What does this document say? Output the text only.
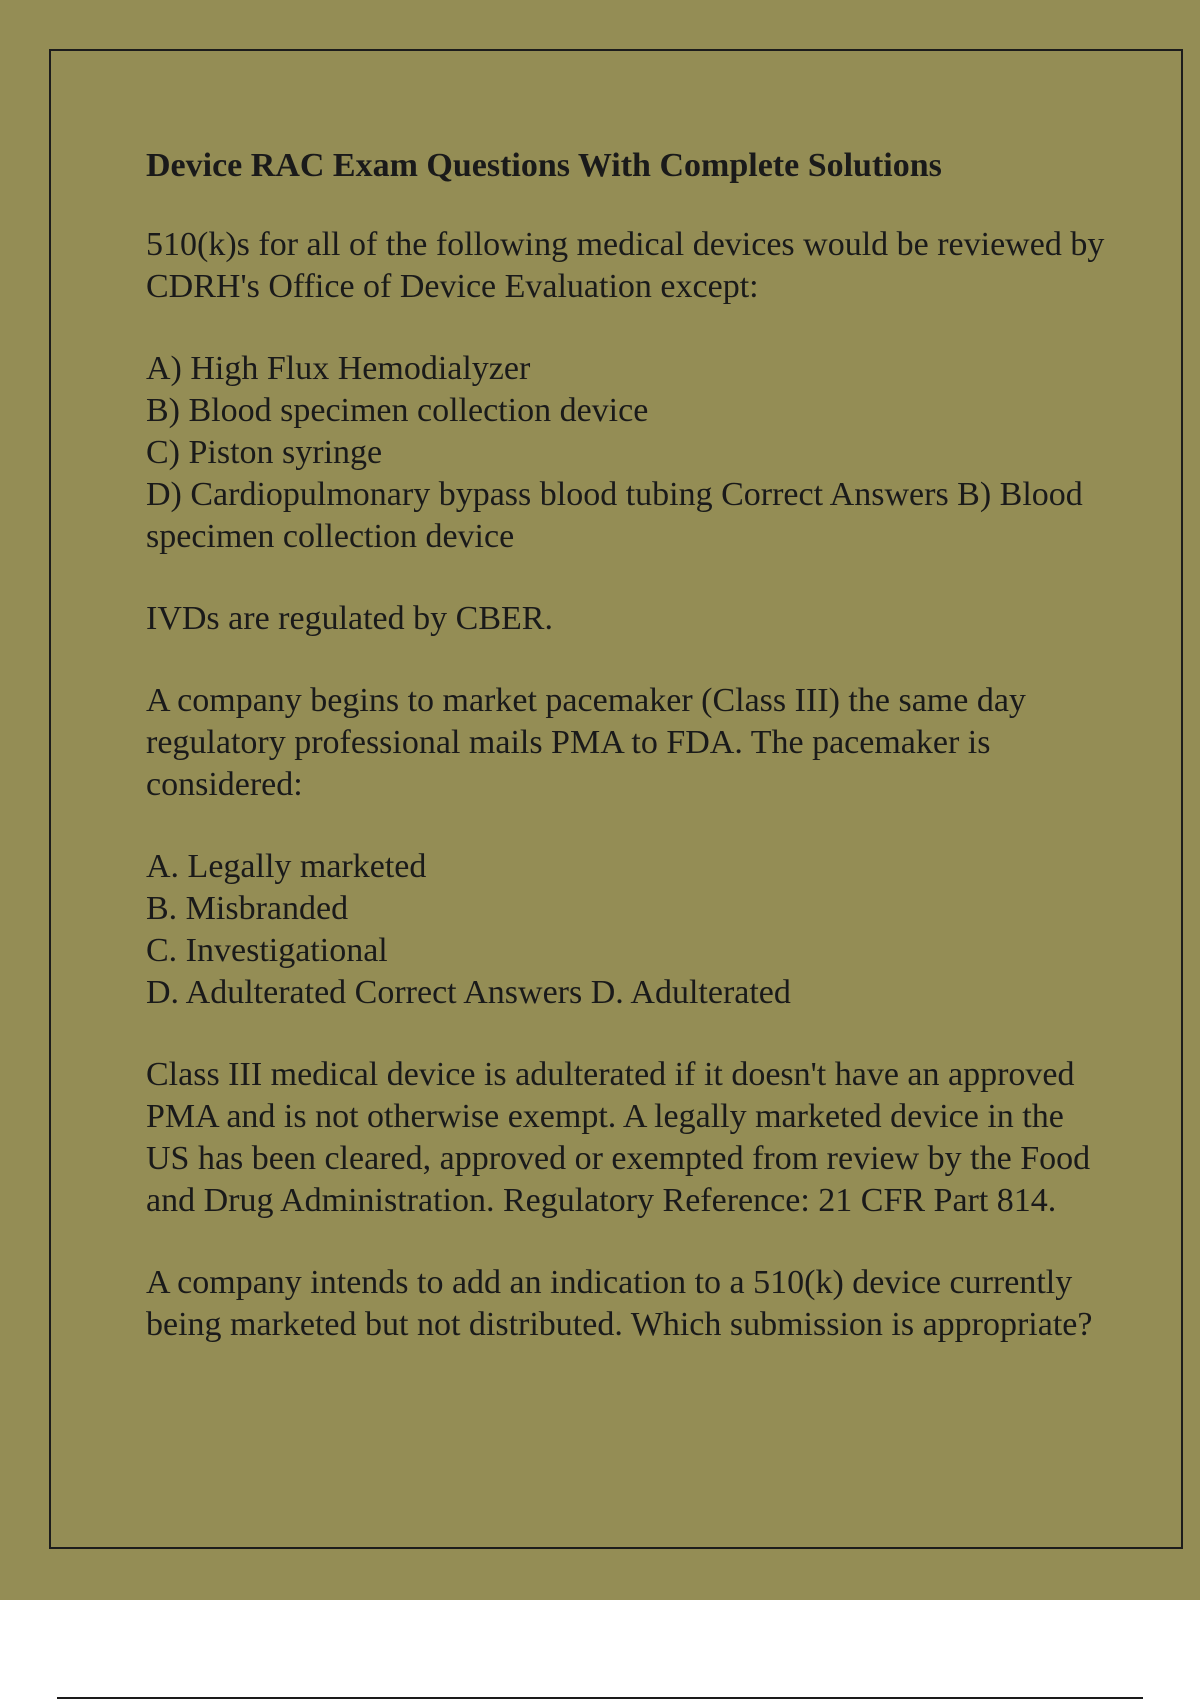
Device RAC Exam Questions With Complete Solutions
510(k)s for all of the following medical devices would be reviewed by CDRH's Office of Device Evaluation except:
A) High Flux Hemodialyzer
B) Blood specimen collection device
C) Piston syringe
D) Cardiopulmonary bypass blood tubing Correct Answers B) Blood specimen collection device
IVDs are regulated by CBER.
A company begins to market pacemaker (Class III) the same day regulatory professional mails PMA to FDA. The pacemaker is considered:
A. Legally marketed
B. Misbranded
C. Investigational
D. Adulterated Correct Answers D. Adulterated
Class III medical device is adulterated if it doesn't have an approved PMA and is not otherwise exempt. A legally marketed device in the US has been cleared, approved or exempted from review by the Food and Drug Administration. Regulatory Reference: 21 CFR Part 814.
A company intends to add an indication to a 510(k) device currently being marketed but not distributed. Which submission is appropriate?
